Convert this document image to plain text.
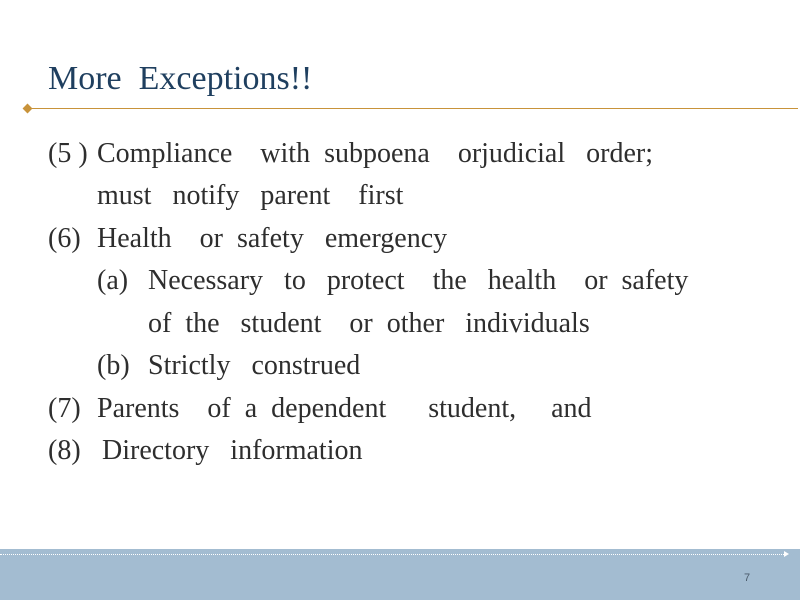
More  Exceptions!!
(5 ) Compliance    with  subpoena    orjudicial   order;
must   notify   parent    first
(6) Health    or  safety   emergency
(a) Necessary   to   protect    the   health    or  safety
of  the   student    or  other   individuals
(b) Strictly   construed
(7) Parents    of  a  dependent      student,     and
(8) Directory   information
7
